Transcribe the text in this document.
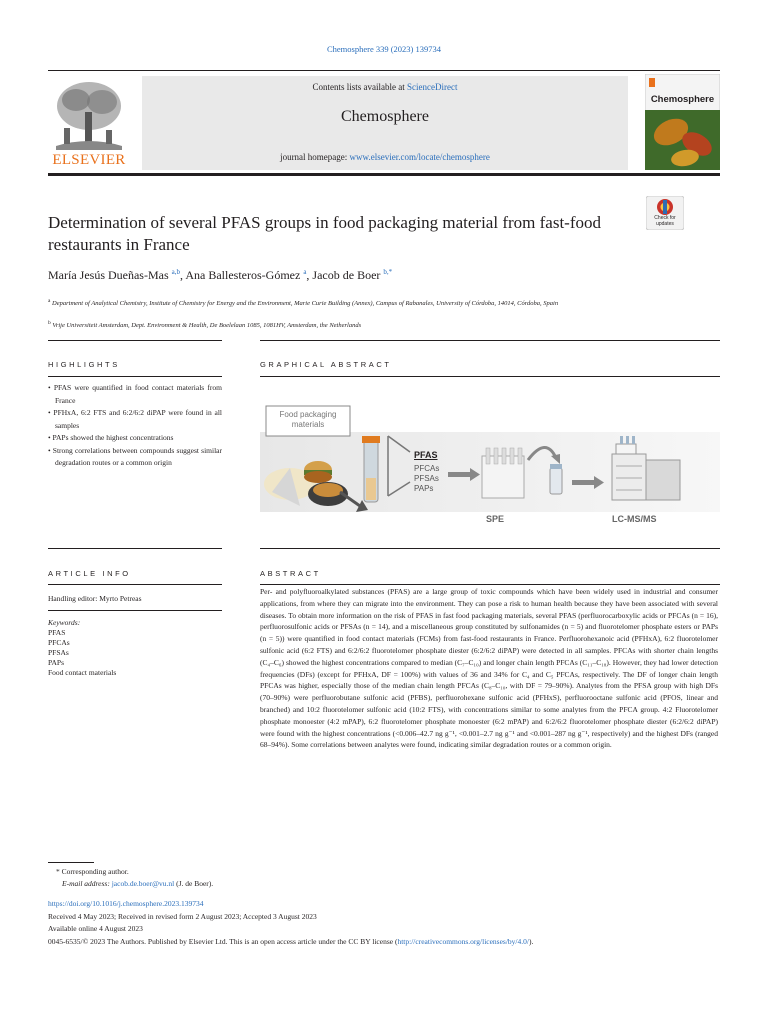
Chemosphere 339 (2023) 139734
ELSEVIER
Contents lists available at ScienceDirect
Chemosphere
journal homepage: www.elsevier.com/locate/chemosphere
Chemosphere
Determination of several PFAS groups in food packaging material from fast-food restaurants in France
Check for
updates
María Jesús Dueñas-Mas $^{a,b}$, Ana Ballesteros-Gómez $^a$, Jacob de Boer $^{b,*}$
$^a$ Department of Analytical Chemistry, Institute of Chemistry for Energy and the Environment, Marie Curie Building (Annex), Campus of Rabanales, University of Córdoba, 14014, Córdoba, Spain
$^b$ Vrije Universiteit Amsterdam, Dept. Environment & Health, De Boelelaan 1085, 1081HV, Amsterdam, the Netherlands
HIGHLIGHTS	GRAPHICAL ABSTRACT
• PFAS were quantified in food contact materials from France
• PFHxA, 6:2 FTS and 6:2/6:2 diPAP were found in all samples
• PAPs showed the highest concentrations
• Strong correlations between compounds suggest similar degradation routes or a common origin
Food packaging
materials
PFAS
PFCAs
PFSAs
PAPs
SPE	LC-MS/MS
ARTICLE INFO	ABSTRACT
Handling editor: Myrto Petreas
Keywords:
PFAS
PFCAs
PFSAs
PAPs
Food contact materials
Per- and polyfluoroalkylated substances (PFAS) are a large group of toxic compounds which have been widely used in industrial and consumer applications, from where they can migrate into the environment. They can pose a risk to human health because they have been associated with several diseases. To obtain more information on the risk of PFAS in fast food packaging materials, several PFAS (perfluorocarboxylic acids or PFCAs (n = 16), perfluorosulfonic acids or PFSAs (n = 14), and a miscellaneous group constituted by sulfonamides (n = 5) and fluorotelomer phosphate esters or PAPs (n = 5)) were quantified in food contact materials (FCMs) from fast-food restaurants in France. Perfluorohexanoic acid (PFHxA), 6:2 fluorotelomer sulfonic acid (6:2 FTS) and 6:2/6:2 fluorotelomer phosphate diester (6:2/6:2 diPAP) were detected in all samples. PFCAs with shorter chain lengths (C₄–C₆) showed the highest concentrations compared to median (C₇–C₁₀) and longer chain length PFCAs (C₁₁–C₁₈). However, they had lower detection frequencies (DFs) (except for PFHxA, DF = 100%) with values of 36 and 34% for C₄ and C₅ PFCAs, respectively. The DF of longer chain length PFCAs was higher, especially those of the median chain length PFCAs (C₈–C₁₀, with DF = 79–90%). Analytes from the PFSA group with high DFs (70–90%) were perfluorobutane sulfonic acid (PFBS), perfluorohexane sulfonic acid (PFHxS), perfluorooctane sulfonic acid (PFOS, linear and branched) and 10:2 fluorotelomer sulfonic acid (10:2 FTS), with concentrations similar to some analytes from the PFCA group. 4:2 Fluorotelomer phosphate monoester (4:2 mPAP), 6:2 fluorotelomer phosphate monoester (6:2 mPAP) and 6:2/6:2 fluorotelomer phosphate diester (6:2/6:2 diPAP) were found with the highest concentrations (<0.006–42.7 ng g⁻¹, <0.001–2.7 ng g⁻¹ and <0.001–287 ng g⁻¹, respectively) and the highest DFs (ranged 68–94%). Some correlations between analytes were found, indicating similar degradation routes or a common origin.
* Corresponding author.
E-mail address: jacob.de.boer@vu.nl (J. de Boer).
https://doi.org/10.1016/j.chemosphere.2023.139734
Received 4 May 2023; Received in revised form 2 August 2023; Accepted 3 August 2023
Available online 4 August 2023
0045-6535/© 2023 The Authors. Published by Elsevier Ltd. This is an open access article under the CC BY license (http://creativecommons.org/licenses/by/4.0/).
